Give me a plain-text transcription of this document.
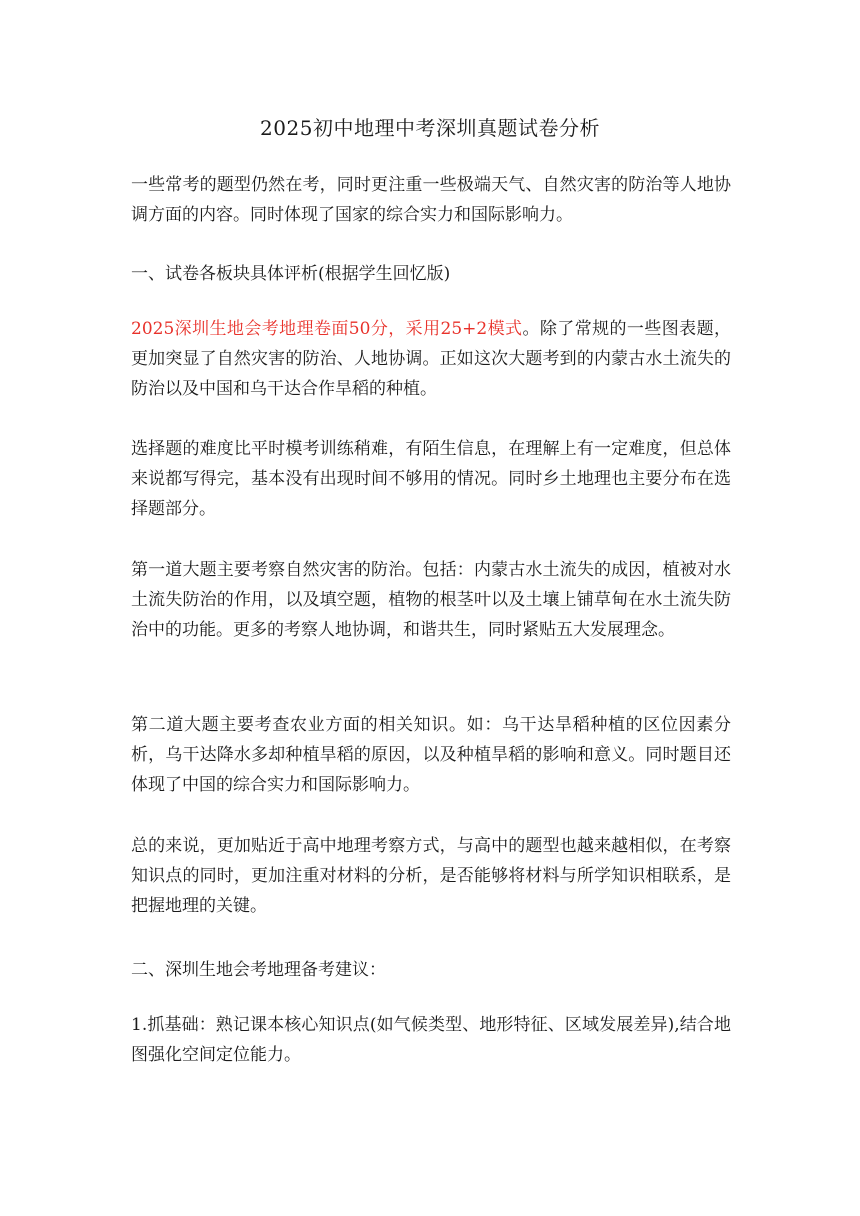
2025初中地理中考深圳真题试卷分析

一些常考的题型仍然在考，同时更注重一些极端天气、自然灾害的防治等人地协调方面的内容。同时体现了国家的综合实力和国际影响力。

一、试卷各板块具体评析(根据学生回忆版)

2025深圳生地会考地理卷面50分，采用25+2模式。除了常规的一些图表题，更加突显了自然灾害的防治、人地协调。正如这次大题考到的内蒙古水土流失的防治以及中国和乌干达合作旱稻的种植。

选择题的难度比平时模考训练稍难，有陌生信息，在理解上有一定难度，但总体来说都写得完，基本没有出现时间不够用的情况。同时乡土地理也主要分布在选择题部分。

第一道大题主要考察自然灾害的防治。包括：内蒙古水土流失的成因，植被对水土流失防治的作用，以及填空题，植物的根茎叶以及土壤上铺草甸在水土流失防治中的功能。更多的考察人地协调，和谐共生，同时紧贴五大发展理念。

第二道大题主要考查农业方面的相关知识。如：乌干达旱稻种植的区位因素分析，乌干达降水多却种植旱稻的原因，以及种植旱稻的影响和意义。同时题目还体现了中国的综合实力和国际影响力。

总的来说，更加贴近于高中地理考察方式，与高中的题型也越来越相似，在考察知识点的同时，更加注重对材料的分析，是否能够将材料与所学知识相联系，是把握地理的关键。

二、深圳生地会考地理备考建议：

1.抓基础：熟记课本核心知识点(如气候类型、地形特征、区域发展差异),结合地图强化空间定位能力。
